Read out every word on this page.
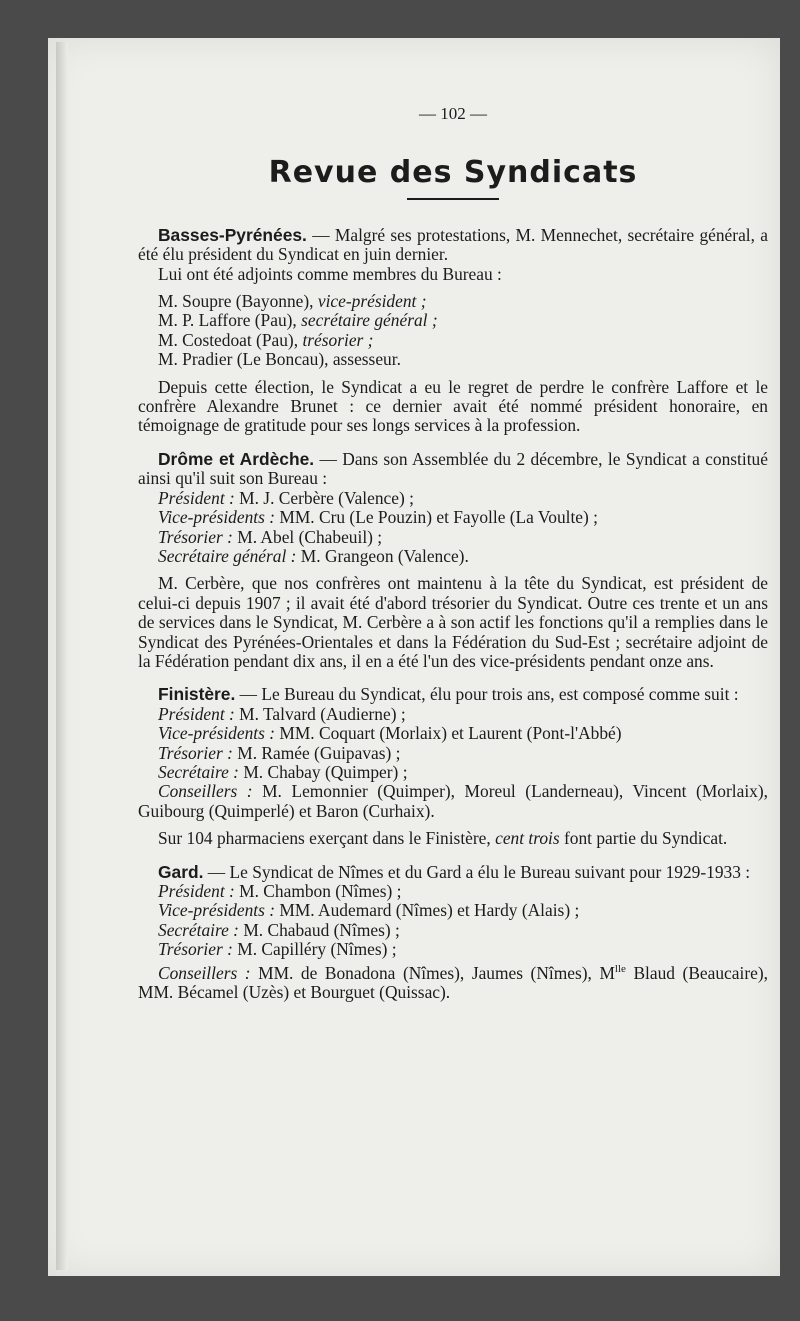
— 102 —
Revue des Syndicats

Basses-Pyrénées. — Malgré ses protestations, M. Mennechet, secrétaire général, a été élu président du Syndicat en juin dernier.

Lui ont été adjoints comme membres du Bureau :

M. Soupre (Bayonne), vice-président ;

M. P. Laffore (Pau), secrétaire général ;

M. Costedoat (Pau), trésorier ;

M. Pradier (Le Boncau), assesseur.

Depuis cette élection, le Syndicat a eu le regret de perdre le confrère Laffore et le confrère Alexandre Brunet : ce dernier avait été nommé président honoraire, en témoignage de gratitude pour ses longs services à la profession.

Drôme et Ardèche. — Dans son Assemblée du 2 décembre, le Syndicat a constitué ainsi qu'il suit son Bureau :

Président : M. J. Cerbère (Valence) ;

Vice-présidents : MM. Cru (Le Pouzin) et Fayolle (La Voulte) ;

Trésorier : M. Abel (Chabeuil) ;

Secrétaire général : M. Grangeon (Valence).

M. Cerbère, que nos confrères ont maintenu à la tête du Syndicat, est président de celui-ci depuis 1907 ; il avait été d'abord trésorier du Syndicat. Outre ces trente et un ans de services dans le Syndicat, M. Cerbère a à son actif les fonctions qu'il a remplies dans le Syndicat des Pyrénées-Orientales et dans la Fédération du Sud-Est ; secrétaire adjoint de la Fédération pendant dix ans, il en a été l'un des vice-présidents pendant onze ans.

Finistère. — Le Bureau du Syndicat, élu pour trois ans, est composé comme suit :

Président : M. Talvard (Audierne) ;

Vice-présidents : MM. Coquart (Morlaix) et Laurent (Pont-l'Abbé)

Trésorier : M. Ramée (Guipavas) ;

Secrétaire : M. Chabay (Quimper) ;

Conseillers : M. Lemonnier (Quimper), Moreul (Landerneau), Vincent (Morlaix), Guibourg (Quimperlé) et Baron (Curhaix).

Sur 104 pharmaciens exerçant dans le Finistère, cent trois font partie du Syndicat.

Gard. — Le Syndicat de Nîmes et du Gard a élu le Bureau suivant pour 1929-1933 :

Président : M. Chambon (Nîmes) ;

Vice-présidents : MM. Audemard (Nîmes) et Hardy (Alais) ;

Secrétaire : M. Chabaud (Nîmes) ;

Trésorier : M. Capilléry (Nîmes) ;

Conseillers : MM. de Bonadona (Nîmes), Jaumes (Nîmes), $M^{lle}$ Blaud (Beaucaire), MM. Bécamel (Uzès) et Bourguet (Quissac).
